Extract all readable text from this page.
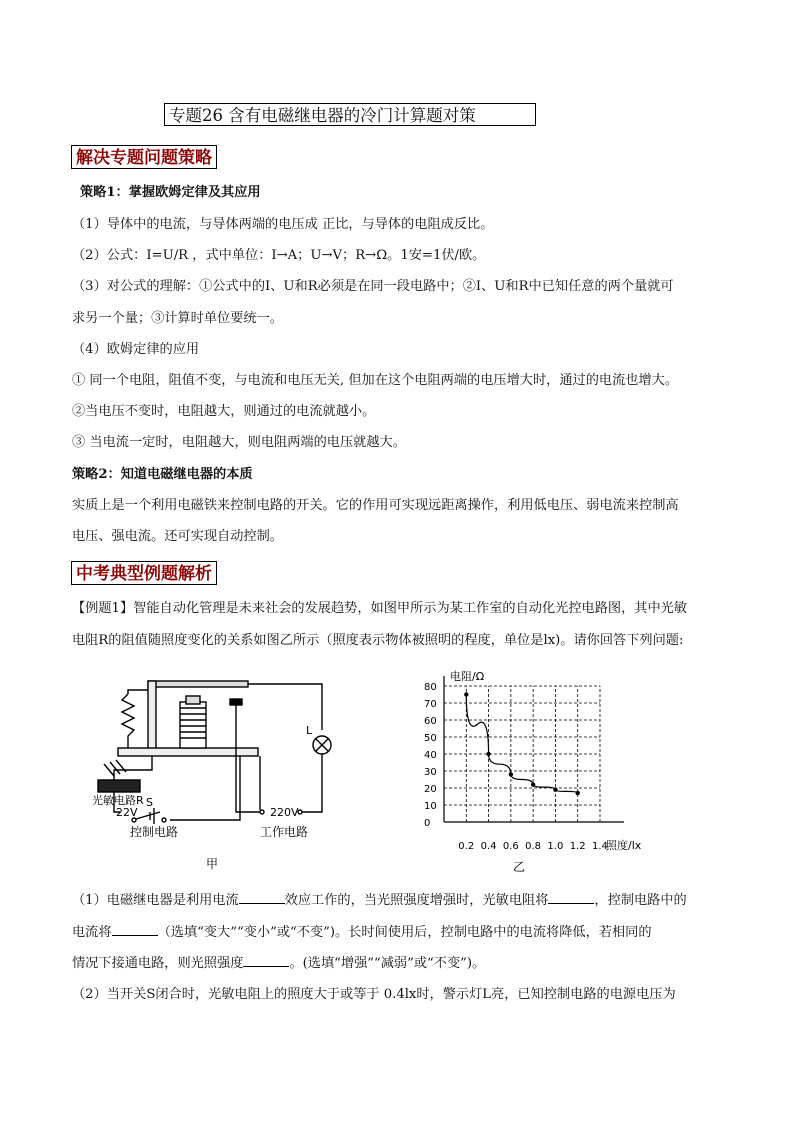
专题26 含有电磁继电器的冷门计算题对策
解决专题问题策略
策略1：掌握欧姆定律及其应用
（1）导体中的电流，与导体两端的电压成 正比，与导体的电阻成反比。
（2）公式：I=U/R ，式中单位：I→A；U→V；R→Ω。1安=1伏/欧。
（3）对公式的理解：①公式中的I、U和R必须是在同一段电路中；②I、U和R中已知任意的两个量就可
求另一个量；③计算时单位要统一。
（4）欧姆定律的应用
① 同一个电阻，阻值不变，与电流和电压无关, 但加在这个电阻两端的电压增大时，通过的电流也增大。
②当电压不变时，电阻越大，则通过的电流就越小。
③ 当电流一定时，电阻越大，则电阻两端的电压就越大。
策略2：知道电磁继电器的本质
实质上是一个利用电磁铁来控制电路的开关。它的作用可实现远距离操作，利用低电压、弱电流来控制高
电压、强电流。还可实现自动控制。
中考典型例题解析
【例题1】智能自动化管理是未来社会的发展趋势，如图甲所示为某工作室的自动化光控电路图，其中光敏
电阻R的阻值随照度变化的关系如图乙所示（照度表示物体被照明的程度，单位是lx)。请你回答下列问题:
L
光敏电路R
22V
S
220V
控制电路	工作电路
甲
0.2 0.4 0.6 0.8 1.0 1.2 1.4
0
10
20
30
40
50
60
70
80
电阻/Ω
照度/lx
乙
（1）电磁继电器是利用电流	效应工作的，当光照强度增强时，光敏电阻将	，控制电路中的
电流将	（选填“变大”“变小”或“不变”)。长时间使用后，控制电路中的电流将降低，若相同的
情况下接通电路，则光照强度	。(选填“增强”“减弱”或“不变”)。
（2）当开关S闭合时，光敏电阻上的照度大于或等于 0.4lx时，警示灯L亮，已知控制电路的电源电压为
